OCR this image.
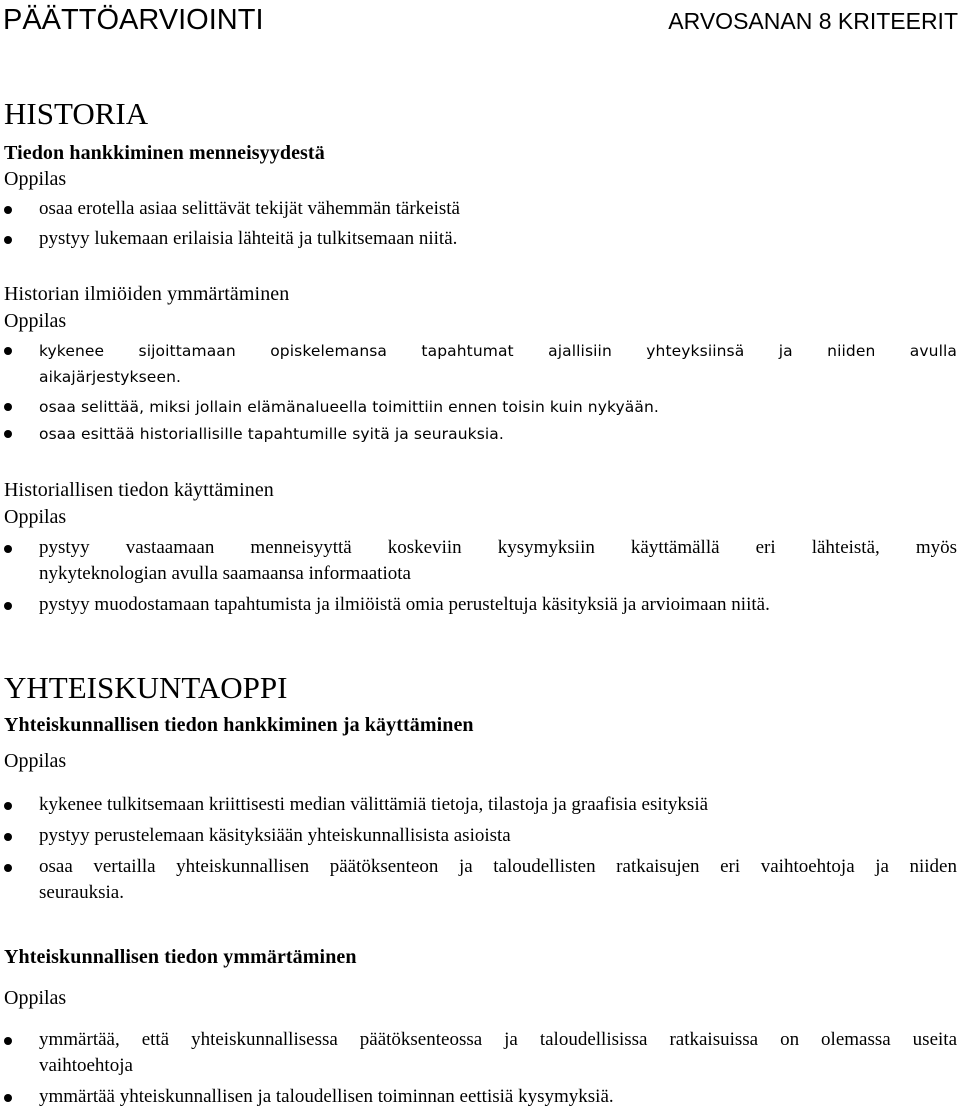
PÄÄTTÖARVIOINTI	ARVOSANAN 8 KRITEERIT
HISTORIA
Tiedon hankkiminen menneisyydestä
Oppilas
osaa erotella asiaa selittävät tekijät vähemmän tärkeistä
pystyy lukemaan erilaisia lähteitä ja tulkitsemaan niitä.
Historian ilmiöiden ymmärtäminen
Oppilas
kykenee sijoittamaan opiskelemansa tapahtumat ajallisiin yhteyksiinsä ja niiden avulla
aikajärjestykseen.
osaa selittää, miksi jollain elämänalueella toimittiin ennen toisin kuin nykyään.
osaa esittää historiallisille tapahtumille syitä ja seurauksia.
Historiallisen tiedon käyttäminen
Oppilas
pystyy vastaamaan menneisyyttä koskeviin kysymyksiin käyttämällä eri lähteistä, myös
nykyteknologian avulla saamaansa informaatiota
pystyy muodostamaan tapahtumista ja ilmiöistä omia perusteltuja käsityksiä ja arvioimaan niitä.
YHTEISKUNTAOPPI
Yhteiskunnallisen tiedon hankkiminen ja käyttäminen
Oppilas
kykenee tulkitsemaan kriittisesti median välittämiä tietoja, tilastoja ja graafisia esityksiä
pystyy perustelemaan käsityksiään yhteiskunnallisista asioista
osaa vertailla yhteiskunnallisen päätöksenteon ja taloudellisten ratkaisujen eri vaihtoehtoja ja niiden
seurauksia.
Yhteiskunnallisen tiedon ymmärtäminen
Oppilas
ymmärtää, että yhteiskunnallisessa päätöksenteossa ja taloudellisissa ratkaisuissa on olemassa useita
vaihtoehtoja
ymmärtää yhteiskunnallisen ja taloudellisen toiminnan eettisiä kysymyksiä.
